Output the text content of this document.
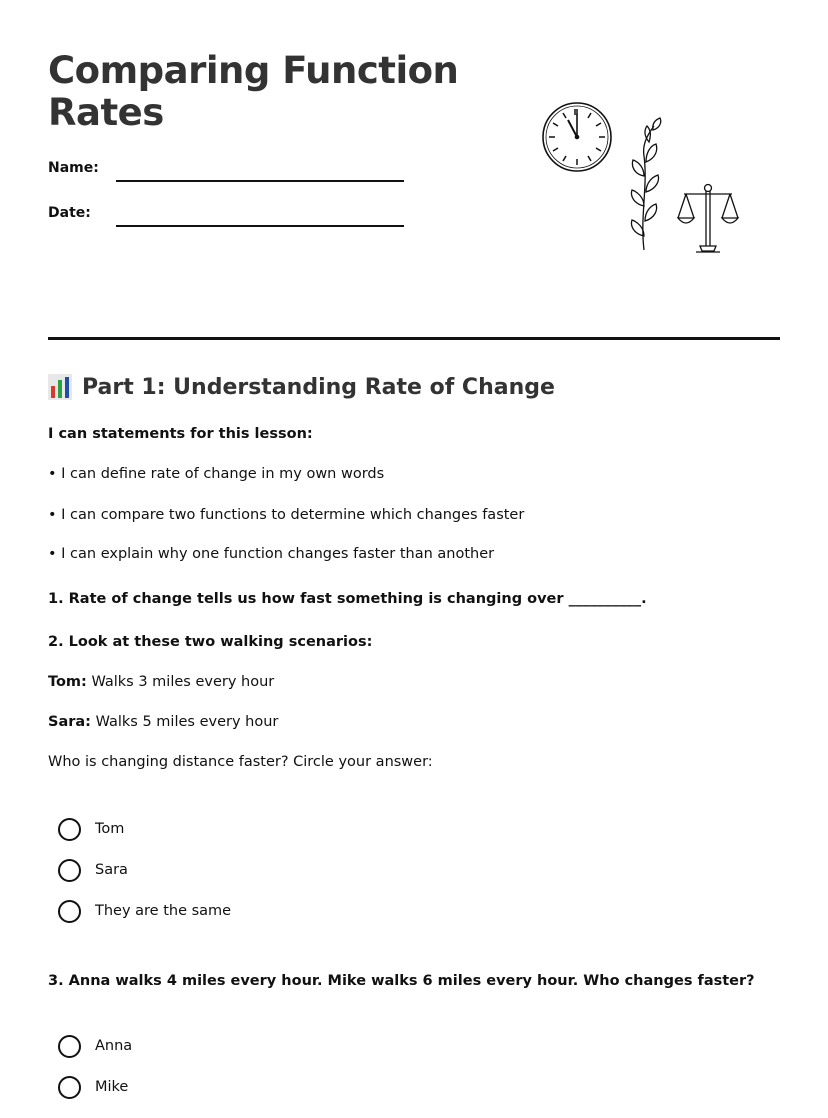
Comparing Function
Rates
Name:
Date:
Part 1: Understanding Rate of Change
I can statements for this lesson:
• I can define rate of change in my own words
• I can compare two functions to determine which changes faster
• I can explain why one function changes faster than another
1. Rate of change tells us how fast something is changing over __________.
2. Look at these two walking scenarios:
Tom: Walks 3 miles every hour
Sara: Walks 5 miles every hour
Who is changing distance faster? Circle your answer:
Tom
Sara
They are the same
3. Anna walks 4 miles every hour. Mike walks 6 miles every hour. Who changes faster?
Anna
Mike
